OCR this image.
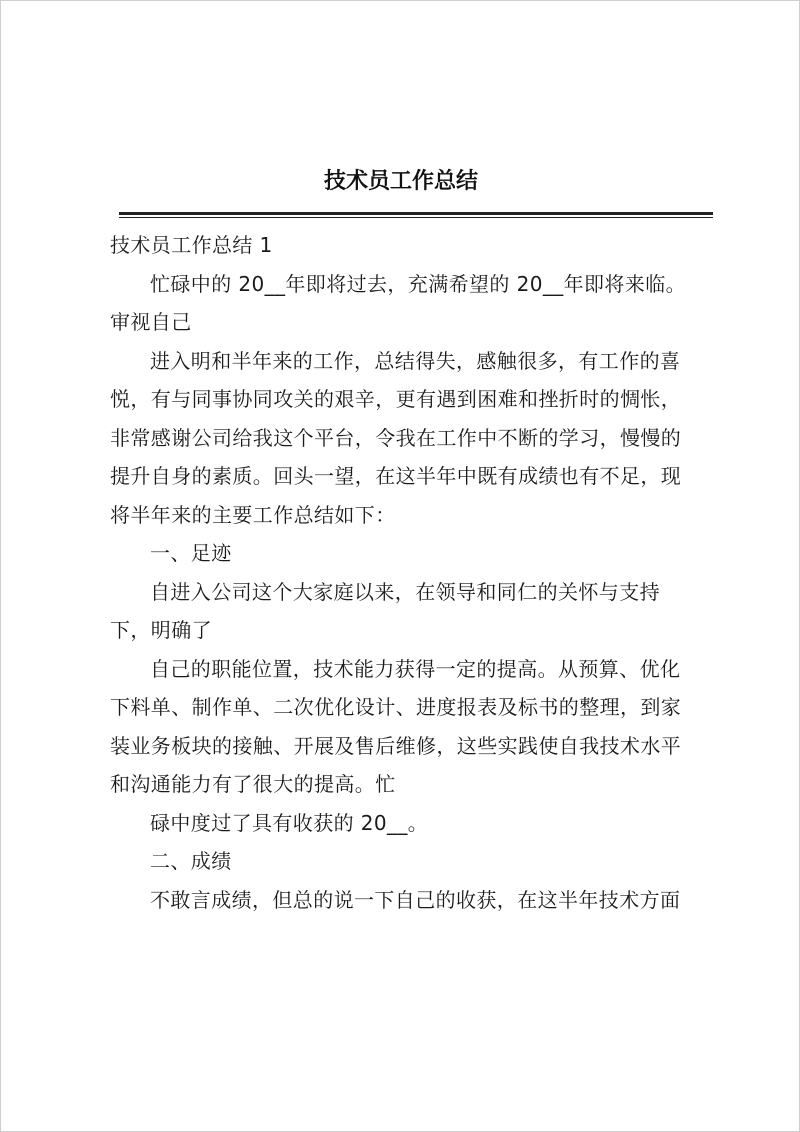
技术员工作总结

技术员工作总结 1

忙碌中的 20__年即将过去，充满希望的 20__年即将来临。

审视自己

进入明和半年来的工作，总结得失，感触很多，有工作的喜

悦，有与同事协同攻关的艰辛，更有遇到困难和挫折时的惆怅，

非常感谢公司给我这个平台，令我在工作中不断的学习，慢慢的

提升自身的素质。回头一望，在这半年中既有成绩也有不足，现

将半年来的主要工作总结如下：

一、足迹

自进入公司这个大家庭以来，在领导和同仁的关怀与支持

下，明确了

自己的职能位置，技术能力获得一定的提高。从预算、优化

下料单、制作单、二次优化设计、进度报表及标书的整理，到家

装业务板块的接触、开展及售后维修，这些实践使自我技术水平

和沟通能力有了很大的提高。忙

碌中度过了具有收获的 20__。

二、成绩

不敢言成绩，但总的说一下自己的收获，在这半年技术方面
